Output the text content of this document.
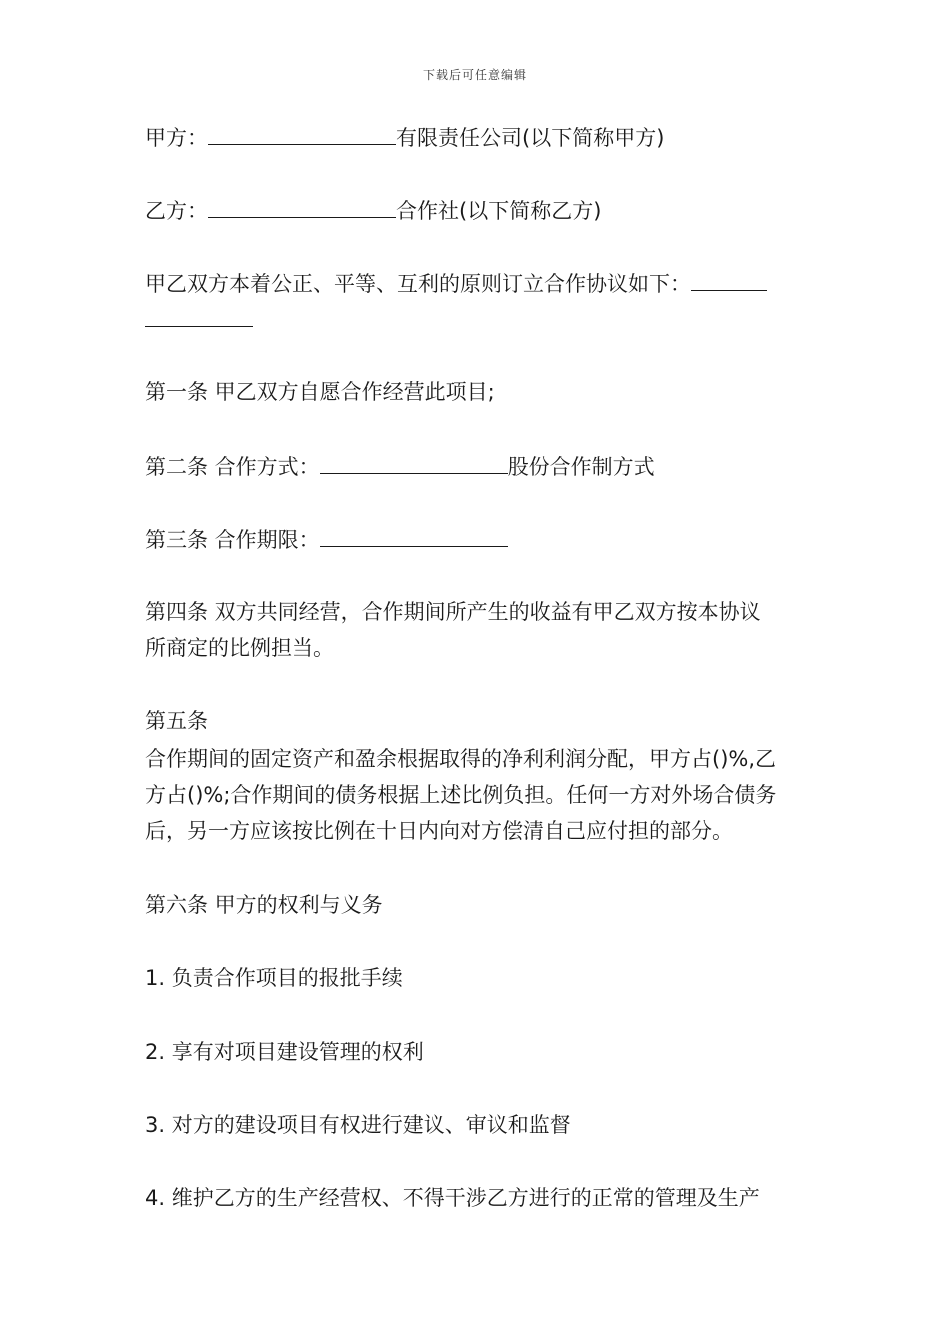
下载后可任意编辑
甲方：	有限责任公司(以下简称甲方)
乙方：	合作社(以下简称乙方)
甲乙双方本着公正、平等、互利的原则订立合作协议如下：
第一条 甲乙双方自愿合作经营此项目;
第二条 合作方式：	股份合作制方式
第三条 合作期限：
第四条 双方共同经营，合作期间所产生的收益有甲乙双方按本协议
所商定的比例担当。
第五条
合作期间的固定资产和盈余根据取得的净利利润分配，甲方占()%,乙
方占()%;合作期间的债务根据上述比例负担。任何一方对外场合债务
后，另一方应该按比例在十日内向对方偿清自己应付担的部分。
第六条 甲方的权利与义务
1. 负责合作项目的报批手续
2. 享有对项目建设管理的权利
3. 对方的建设项目有权进行建议、审议和监督
4. 维护乙方的生产经营权、不得干涉乙方进行的正常的管理及生产
